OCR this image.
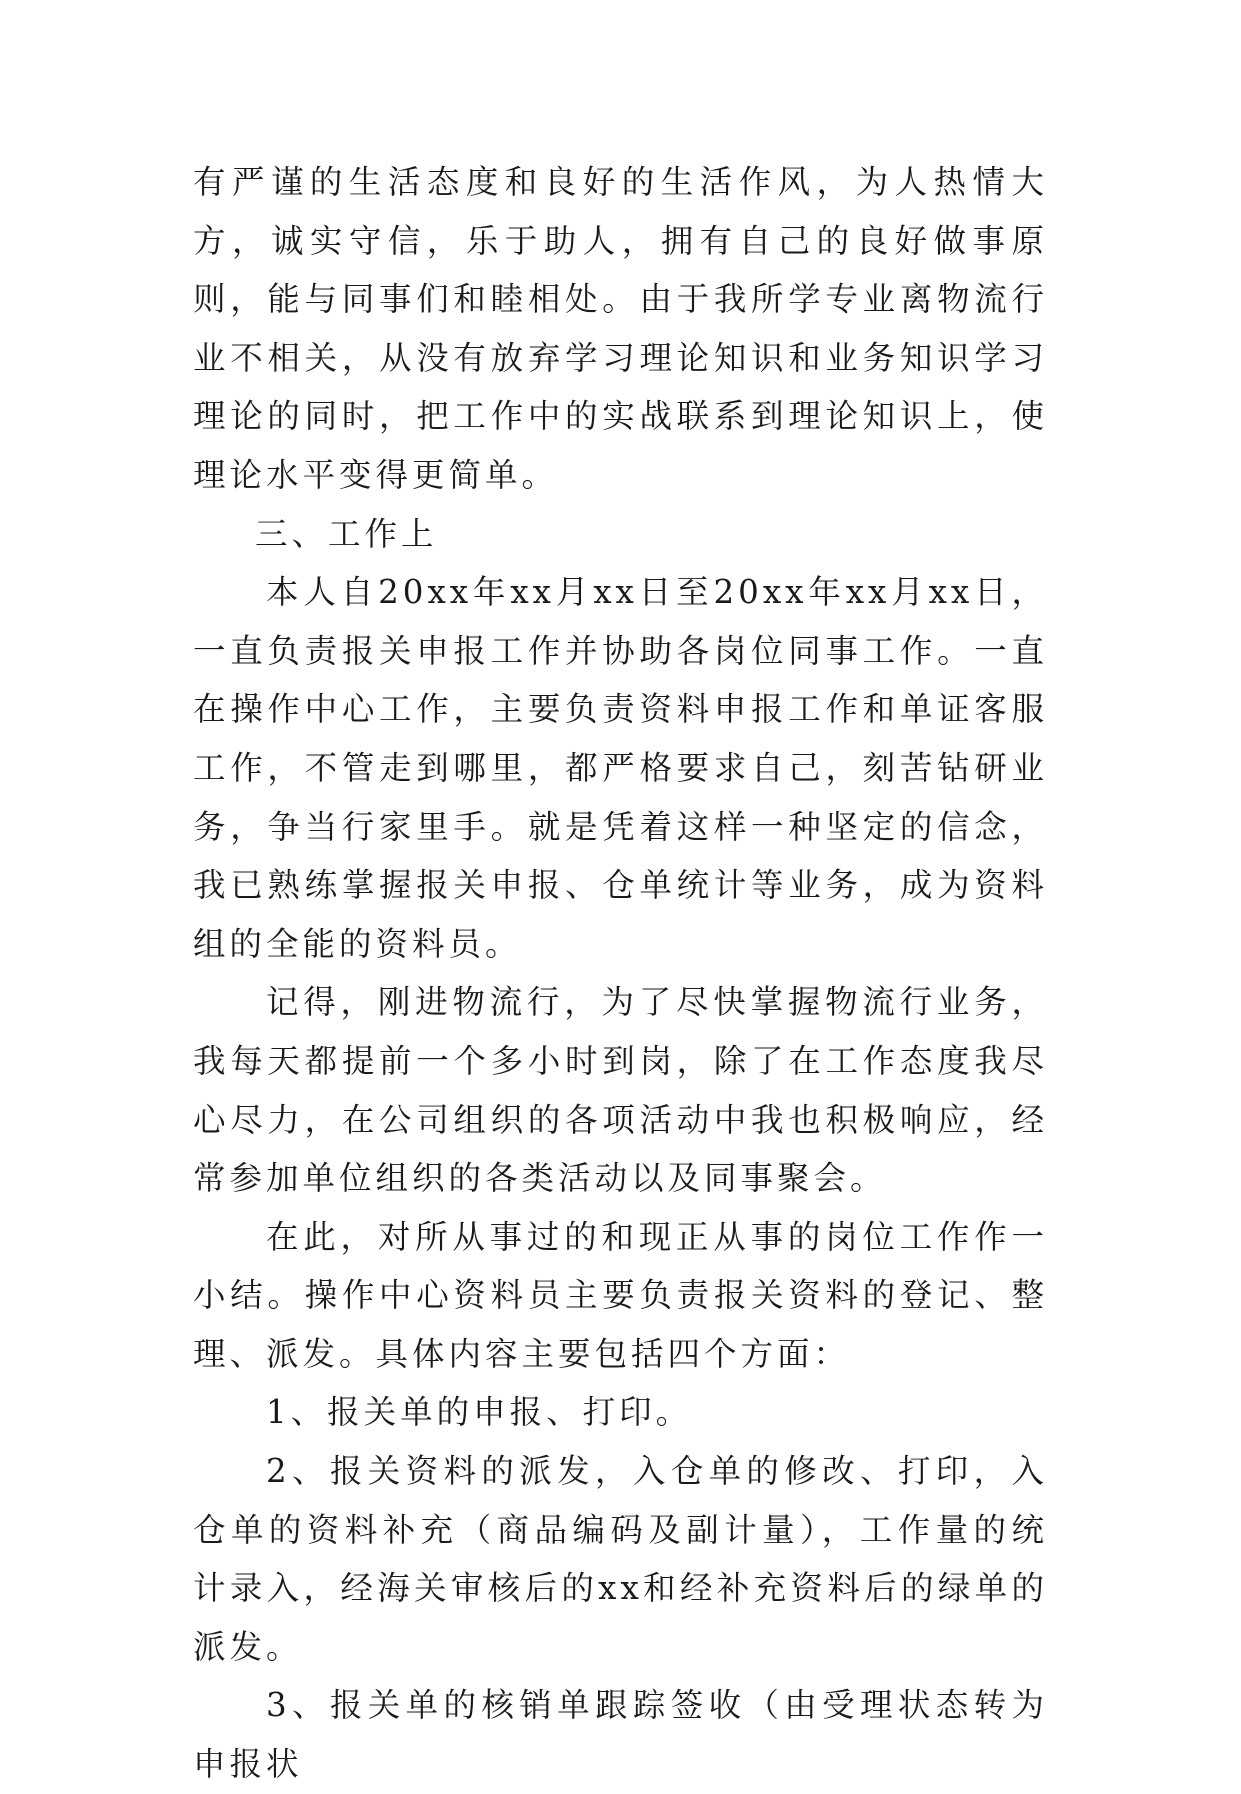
有严谨的生活态度和良好的生活作风，为人热情大方，诚实守信，乐于助人，拥有自己的良好做事原则，能与同事们和睦相处。由于我所学专业离物流行业不相关，从没有放弃学习理论知识和业务知识学习理论的同时，把工作中的实战联系到理论知识上，使理论水平变得更简单。

三、工作上

本人自20xx年xx月xx日至20xx年xx月xx日，一直负责报关申报工作并协助各岗位同事工作。一直在操作中心工作，主要负责资料申报工作和单证客服工作，不管走到哪里，都严格要求自己，刻苦钻研业务，争当行家里手。就是凭着这样一种坚定的信念，我已熟练掌握报关申报、仓单统计等业务，成为资料组的全能的资料员。

记得，刚进物流行，为了尽快掌握物流行业务，我每天都提前一个多小时到岗，除了在工作态度我尽心尽力，在公司组织的各项活动中我也积极响应，经常参加单位组织的各类活动以及同事聚会。

在此，对所从事过的和现正从事的岗位工作作一小结。操作中心资料员主要负责报关资料的登记、整理、派发。具体内容主要包括四个方面：

1、报关单的申报、打印。

2、报关资料的派发，入仓单的修改、打印，入仓单的资料补充（商品编码及副计量），工作量的统计录入，经海关审核后的xx和经补充资料后的绿单的派发。

3、报关单的核销单跟踪签收（由受理状态转为申报状
